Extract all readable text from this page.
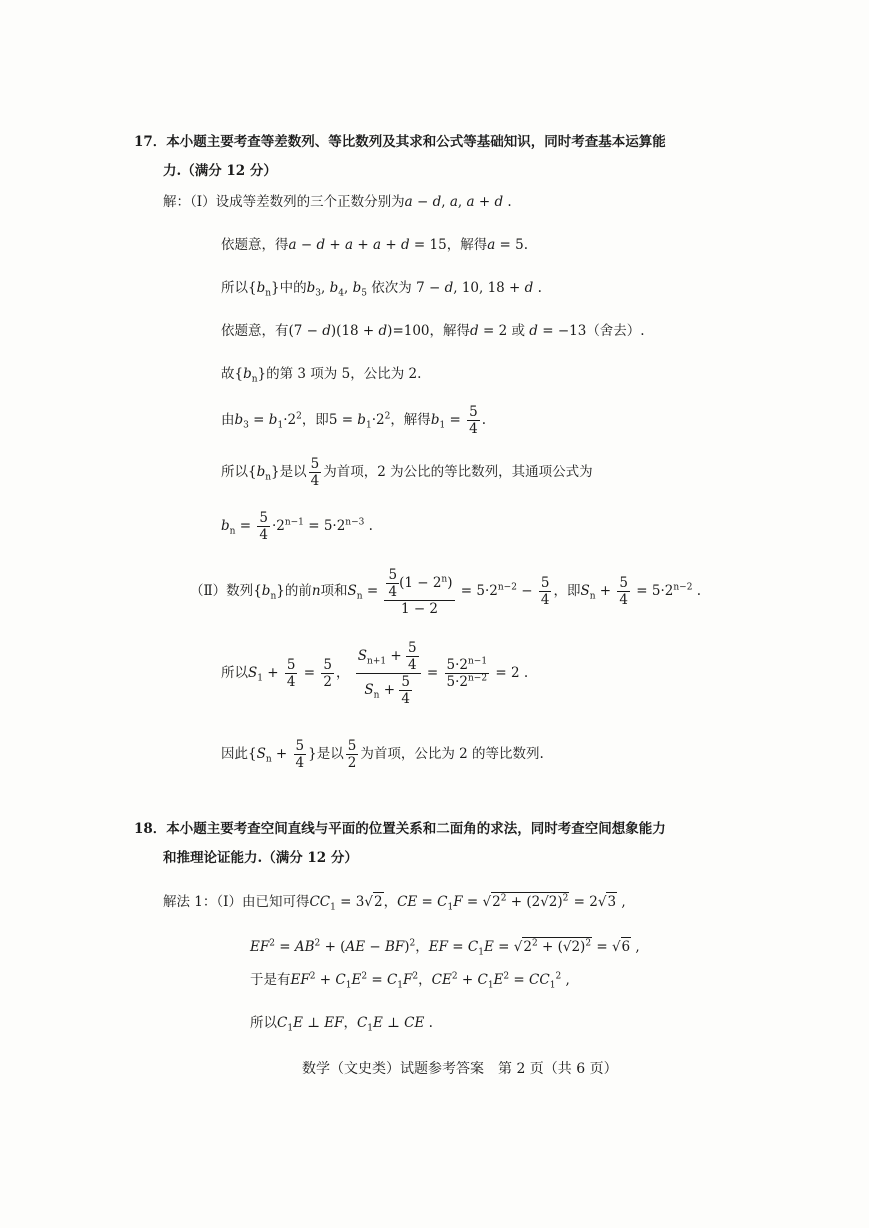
17．本小题主要考查等差数列、等比数列及其求和公式等基础知识，同时考查基本运算能
力.（满分 12 分）
解：（Ⅰ）设成等差数列的三个正数分别为a − d, a, a + d .
依题意，得a − d + a + a + d = 15，解得a = 5.
所以$\{b_n\}$中的$b_3$, $b_4$, $b_5$ 依次为 7 − d, 10, 18 + d .
依题意，有(7 − d)(18 + d)=100，解得d = 2 或 d = −13（舍去）.
故$\{b_n\}$的第 3 项为 5，公比为 2.
由$b_3 = b_1\cdot 2^2$，即$5 = b_1\cdot 2^2$，解得$b_1 = \frac{5}{4}$ .
所以$\{b_n\}$是以 $\frac{5}{4}$ 为首项，2 为公比的等比数列，其通项公式为
$b_n = \frac{5}{4} \cdot 2^{n-1} = 5\cdot 2^{n-3}$ .
（Ⅱ）数列$\{b_n\}$的前n项和$S_n = \frac{\frac{5}{4} (1 - 2^n)}{1 - 2} = 5\cdot 2^{n-2} - \frac{5}{4}$ ，即$S_n + \frac{5}{4} = 5\cdot 2^{n-2}$ .
所以$S_1 + \frac{5}{4} = \frac{5}{2}$ ， $\frac{S_{n+1} + \frac{5}{4}}{S_n + \frac{5}{4}} = \frac{5\cdot 2^{n-1}}{5\cdot 2^{n-2}} = 2$ .
因此{$S_n + \frac{5}{4}$ }是以 $\frac{5}{2}$ 为首项，公比为 2 的等比数列.
18．本小题主要考查空间直线与平面的位置关系和二面角的求法，同时考查空间想象能力
和推理论证能力.（满分 12 分）
解法 1：（Ⅰ）由已知可得$CC_1 = 3√2$，CE = $C_1F = √2^2 + (2√2)^2 = 2√3$ ,
$EF^2 = AB^2 + (AE - BF)^2$，EF = $C_1E = √2^2 + (√2)^2 = √6$ ,
于是有$EF^2 + C_1E^2 = C_1F^2$，$CE^2 + C_1E^2 = CC_1^2$ ,
所以$C_1E$ ⊥ EF，$C_1E$ ⊥ CE .
数学（文史类）试题参考答案　第 2 页（共 6 页）
